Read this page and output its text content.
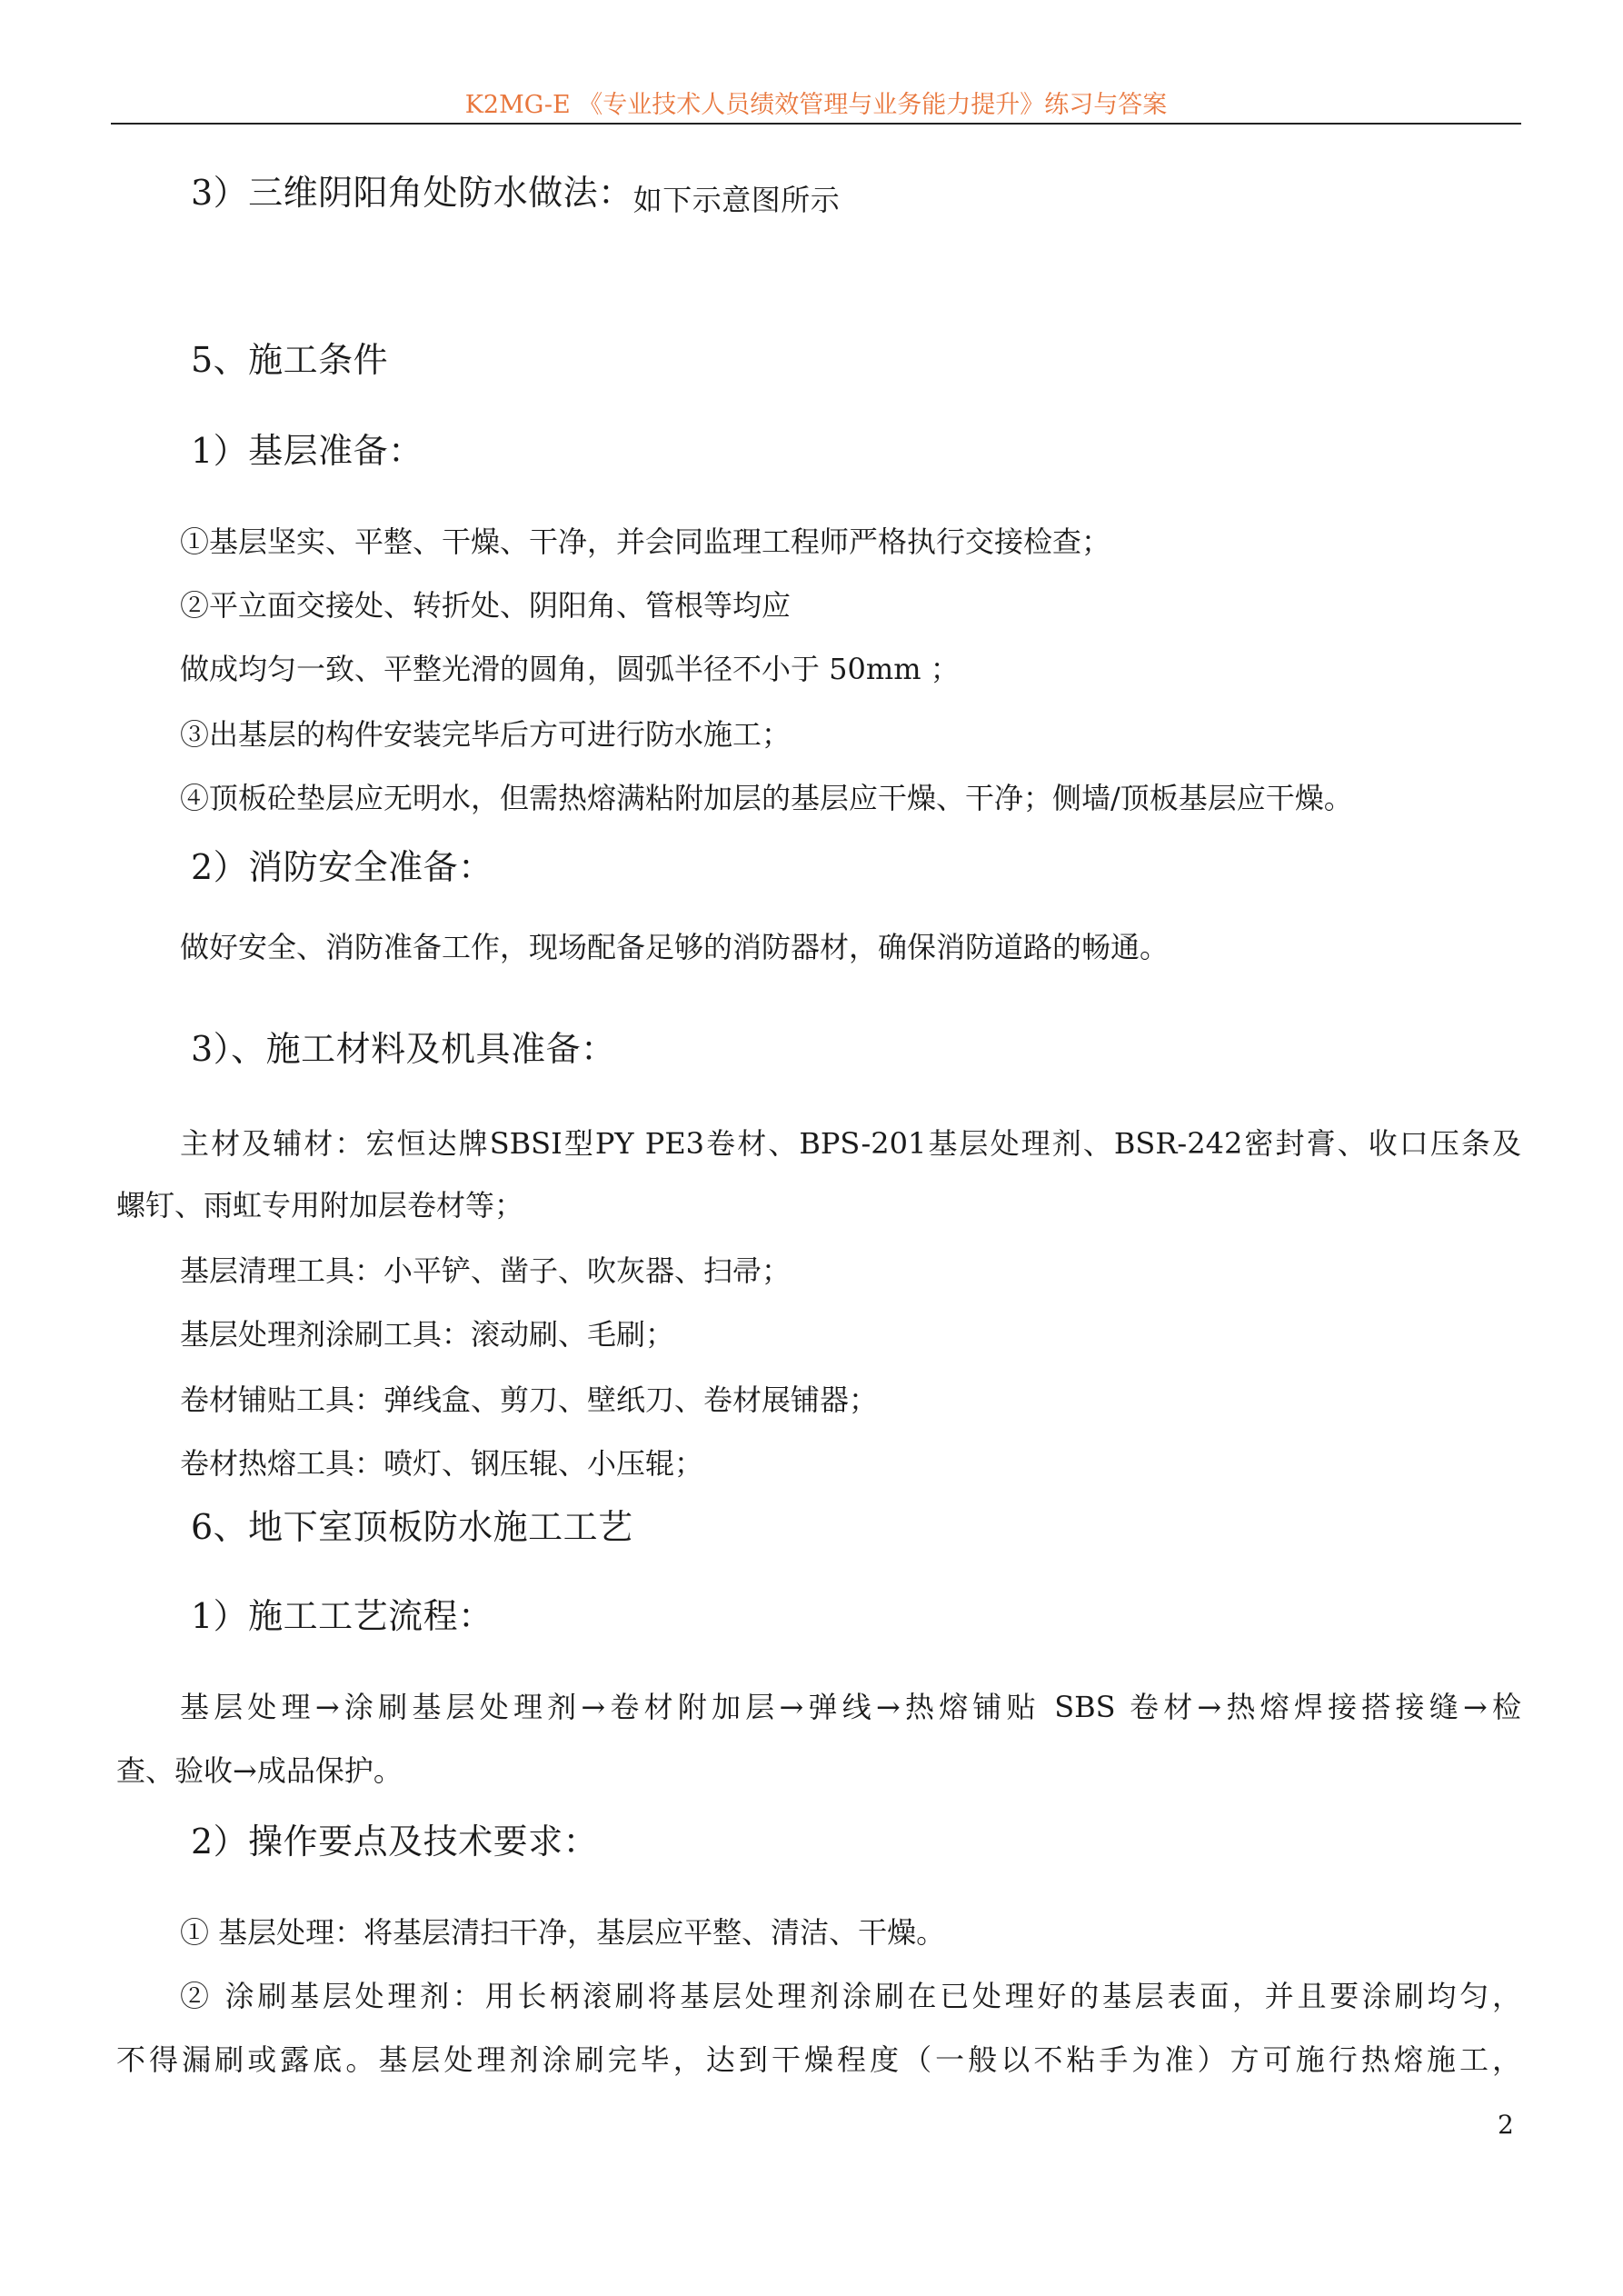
K2MG-E 《专业技术人员绩效管理与业务能力提升》练习与答案
3）三维阴阳角处防水做法：如下示意图所示
5、施工条件
1）基层准备：
①基层坚实、平整、干燥、干净，并会同监理工程师严格执行交接检查；
②平立面交接处、转折处、阴阳角、管根等均应
做成均匀一致、平整光滑的圆角，圆弧半径不小于 50mm ；
③出基层的构件安装完毕后方可进行防水施工；
④顶板砼垫层应无明水，但需热熔满粘附加层的基层应干燥、干净；侧墙/顶板基层应干燥。
2）消防安全准备：
做好安全、消防准备工作，现场配备足够的消防器材，确保消防道路的畅通。
3）、施工材料及机具准备：
主材及辅材：宏恒达牌SBSI型PY PE3卷材、BPS-201基层处理剂、BSR-242密封膏、收口压条及
螺钉、雨虹专用附加层卷材等；
基层清理工具：小平铲、凿子、吹灰器、扫帚；
基层处理剂涂刷工具：滚动刷、毛刷；
卷材铺贴工具：弹线盒、剪刀、壁纸刀、卷材展铺器；
卷材热熔工具：喷灯、钢压辊、小压辊；
6、地下室顶板防水施工工艺
1）施工工艺流程：
基层处理→涂刷基层处理剂→卷材附加层→弹线→热熔铺贴 SBS 卷材→热熔焊接搭接缝→检
查、验收→成品保护。
2）操作要点及技术要求：
① 基层处理：将基层清扫干净，基层应平整、清洁、干燥。
② 涂刷基层处理剂：用长柄滚刷将基层处理剂涂刷在已处理好的基层表面，并且要涂刷均匀，
不得漏刷或露底。基层处理剂涂刷完毕，达到干燥程度（一般以不粘手为准）方可施行热熔施工，
2
